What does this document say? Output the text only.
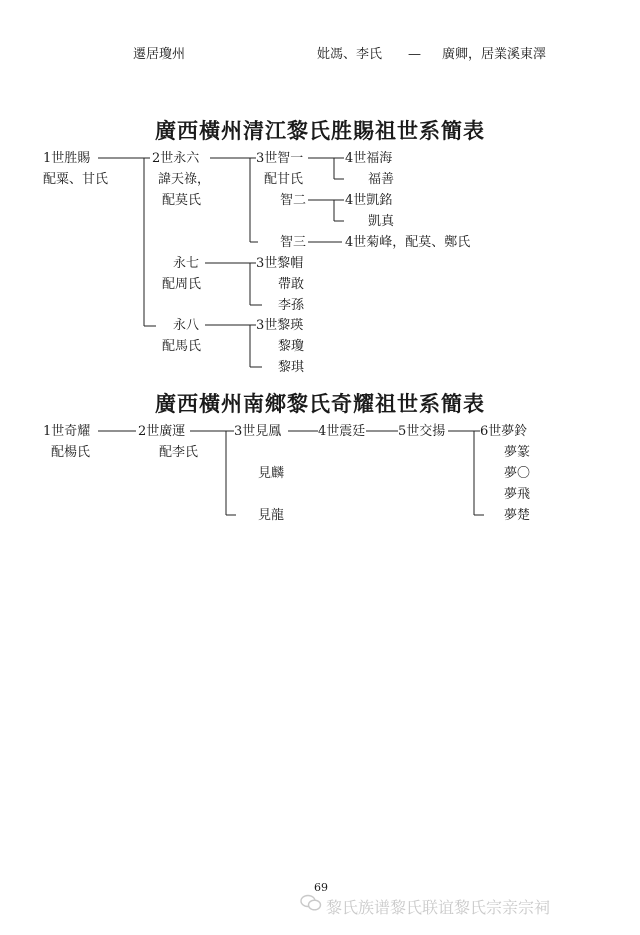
遷居瓊州	妣馮、李氏 — 廣卿，居業溪東澤
廣西橫州清江黎氏胜賜祖世系簡表
1世胜賜
配粟、甘氏
2世永六
諱天祿，
配莫氏
3世智一
配甘氏
智二
智三
4世福海
福善
4世凱銘
凱真
4世菊峰，配莫、鄭氏
永七
配周氏
3世黎帽
帶敢
李孫
永八
配馬氏
3世黎瑛
黎瓊
黎琪
廣西橫州南鄉黎氏奇耀祖世系簡表
1世奇耀
配楊氏
2世廣運
配李氏
3世見鳳
見麟
見龍
4世震廷	5世交揚	6世夢鈴
夢篆
夢〇
夢飛
夢楚
69
黎氏族谱黎氏联谊黎氏宗亲宗祠
